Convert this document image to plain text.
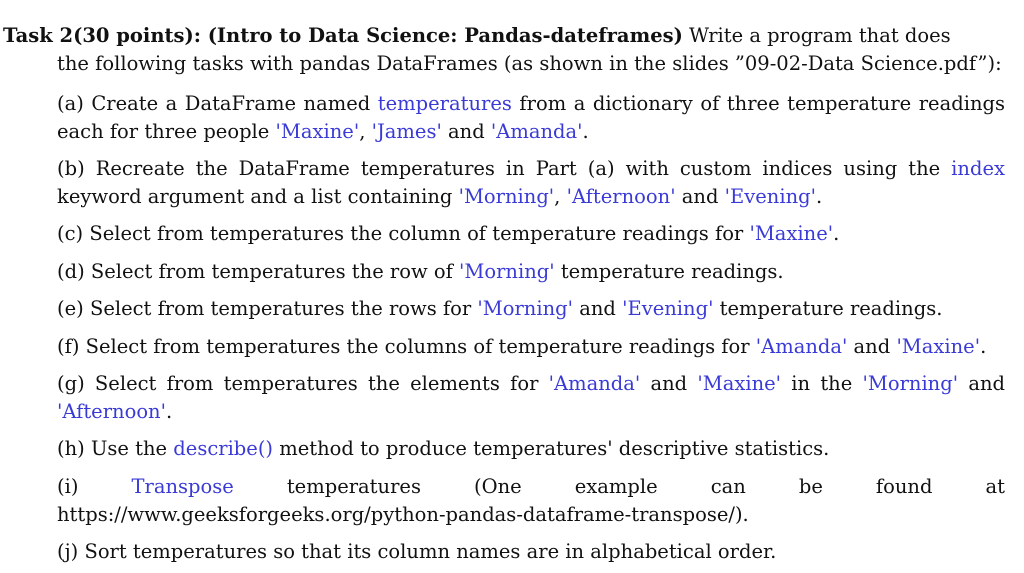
Task 2(30 points): (Intro to Data Science: Pandas-dateframes) Write a program that does
the following tasks with pandas DataFrames (as shown in the slides ”09-02-Data Science.pdf”):
(a) Create a DataFrame named temperatures from a dictionary of three temperature readings each for three people 'Maxine', 'James' and 'Amanda'.
(b) Recreate the DataFrame temperatures in Part (a) with custom indices using the index keyword argument and a list containing 'Morning', 'Afternoon' and 'Evening'.
(c) Select from temperatures the column of temperature readings for 'Maxine'.
(d) Select from temperatures the row of 'Morning' temperature readings.
(e) Select from temperatures the rows for 'Morning' and 'Evening' temperature readings.
(f) Select from temperatures the columns of temperature readings for 'Amanda' and 'Maxine'.
(g) Select from temperatures the elements for 'Amanda' and 'Maxine' in the 'Morning' and 'Afternoon'.
(h) Use the describe() method to produce temperatures' descriptive statistics.
(i) Transpose temperatures (One example can be found at https://www.geeksforgeeks.org/python-pandas-dataframe-transpose/).
(j) Sort temperatures so that its column names are in alphabetical order.
